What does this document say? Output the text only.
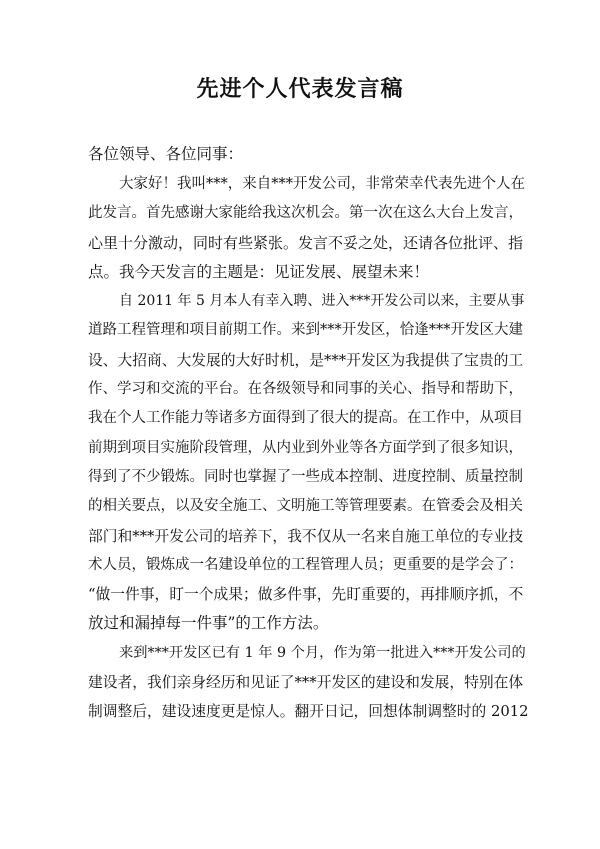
先进个人代表发言稿
各位领导、各位同事：
大家好！我叫***，来自***开发公司，非常荣幸代表先进个人在
此发言。首先感谢大家能给我这次机会。第一次在这么大台上发言，
心里十分激动，同时有些紧张。发言不妥之处，还请各位批评、指
点。我今天发言的主题是：见证发展、展望未来！
自 2011 年 5 月本人有幸入聘、进入***开发公司以来，主要从事
道路工程管理和项目前期工作。来到***开发区，恰逢***开发区大建
设、大招商、大发展的大好时机，是***开发区为我提供了宝贵的工
作、学习和交流的平台。在各级领导和同事的关心、指导和帮助下，
我在个人工作能力等诸多方面得到了很大的提高。在工作中，从项目
前期到项目实施阶段管理，从内业到外业等各方面学到了很多知识，
得到了不少锻炼。同时也掌握了一些成本控制、进度控制、质量控制
的相关要点，以及安全施工、文明施工等管理要素。在管委会及相关
部门和***开发公司的培养下，我不仅从一名来自施工单位的专业技
术人员，锻炼成一名建设单位的工程管理人员；更重要的是学会了：
“做一件事，盯一个成果；做多件事，先盯重要的，再排顺序抓，不
放过和漏掉每一件事”的工作方法。
来到***开发区已有 1 年 9 个月，作为第一批进入***开发公司的
建设者，我们亲身经历和见证了***开发区的建设和发展，特别在体
制调整后，建设速度更是惊人。翻开日记，回想体制调整时的 2012
